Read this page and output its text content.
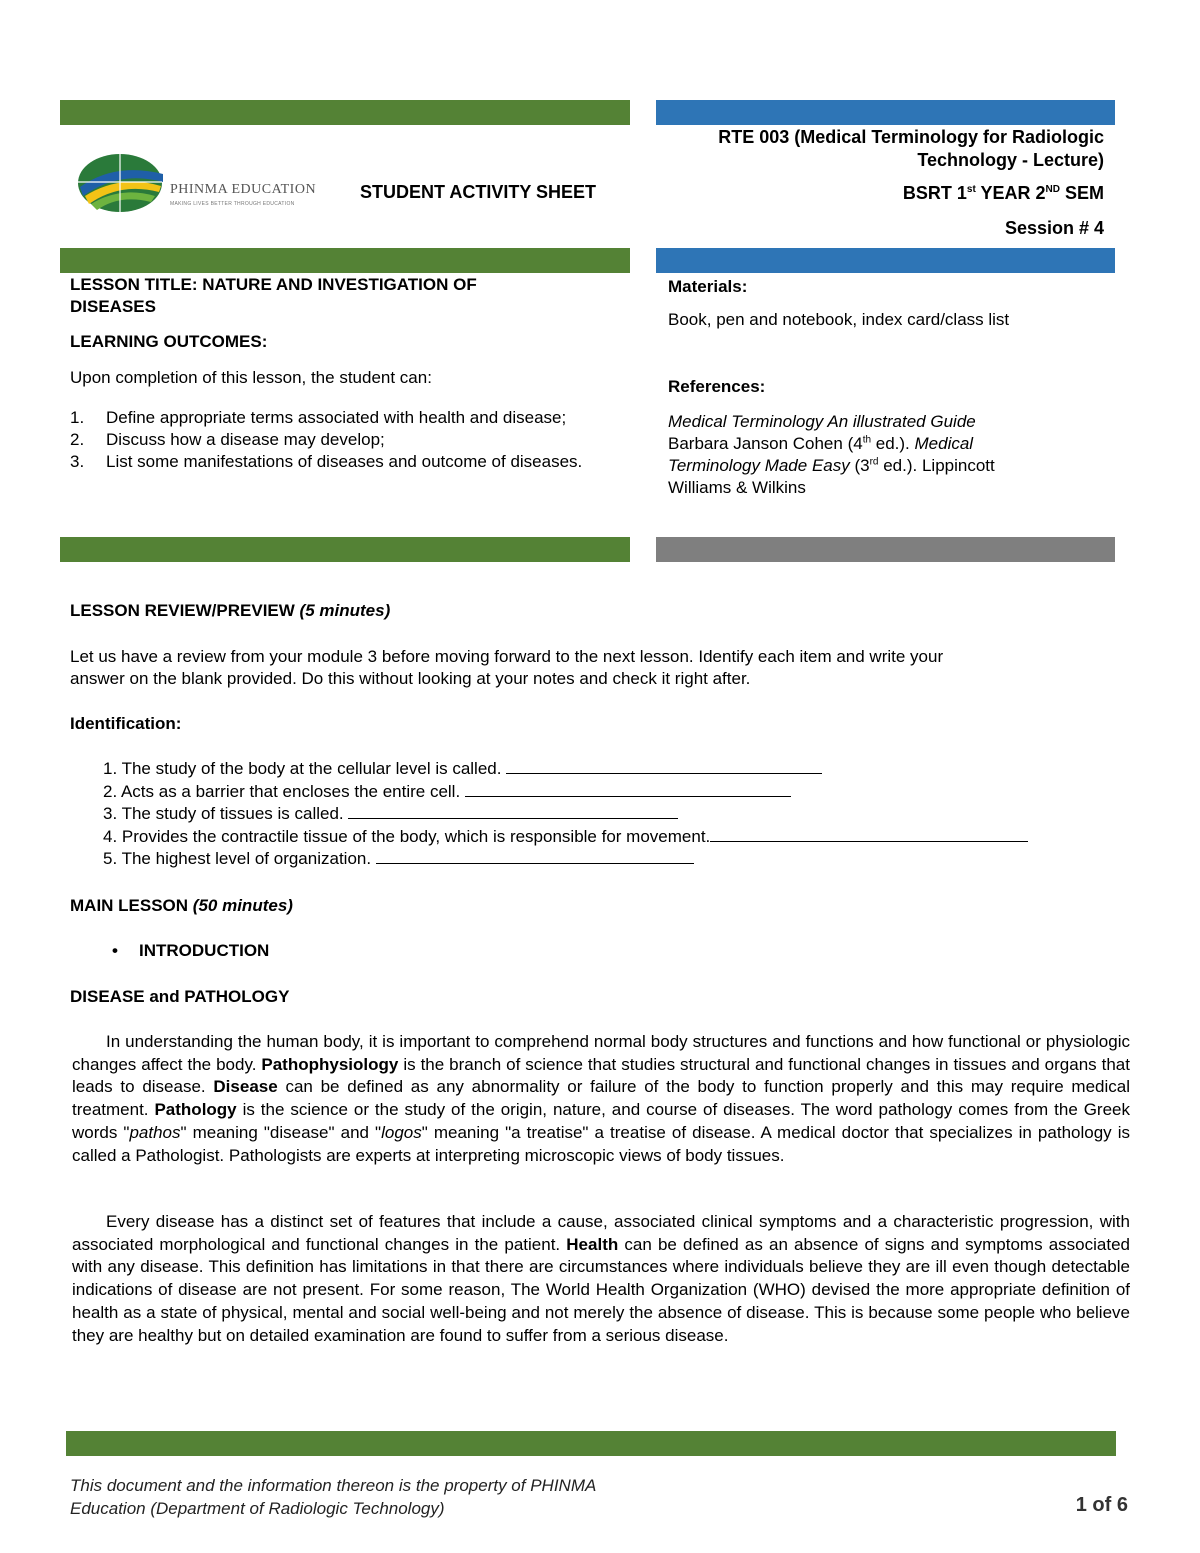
PHINMA EDUCATION
MAKING LIVES BETTER THROUGH EDUCATION
STUDENT ACTIVITY SHEET
RTE 003 (Medical Terminology for Radiologic
Technology - Lecture)
BSRT 1st YEAR 2ND SEM
Session # 4
LESSON TITLE: NATURE AND INVESTIGATION OF
DISEASES
LEARNING OUTCOMES:
Upon completion of this lesson, the student can:
1. Define appropriate terms associated with health and disease;
2. Discuss how a disease may develop;
3. List some manifestations of diseases and outcome of diseases.
Materials:
Book, pen and notebook, index card/class list
References:
Medical Terminology An illustrated Guide
Barbara Janson Cohen (4th ed.). Medical
Terminology Made Easy (3rd ed.). Lippincott
Williams & Wilkins
LESSON REVIEW/PREVIEW (5 minutes)
Let us have a review from your module 3 before moving forward to the next lesson. Identify each item and write your
answer on the blank provided. Do this without looking at your notes and check it right after.
Identification:
1. The study of the body at the cellular level is called.
2. Acts as a barrier that encloses the entire cell.
3. The study of tissues is called.
4. Provides the contractile tissue of the body, which is responsible for movement.
5. The highest level of organization.
MAIN LESSON (50 minutes)
• INTRODUCTION
DISEASE and PATHOLOGY
In understanding the human body, it is important to comprehend normal body structures and functions and how functional or physiologic changes affect the body. Pathophysiology is the branch of science that studies structural and functional changes in tissues and organs that leads to disease. Disease can be defined as any abnormality or failure of the body to function properly and this may require medical treatment. Pathology is the science or the study of the origin, nature, and course of diseases. The word pathology comes from the Greek words "pathos" meaning "disease" and "logos" meaning "a treatise" a treatise of disease. A medical doctor that specializes in pathology is called a Pathologist. Pathologists are experts at interpreting microscopic views of body tissues.
Every disease has a distinct set of features that include a cause, associated clinical symptoms and a characteristic progression, with associated morphological and functional changes in the patient. Health can be defined as an absence of signs and symptoms associated with any disease. This definition has limitations in that there are circumstances where individuals believe they are ill even though detectable indications of disease are not present. For some reason, The World Health Organization (WHO) devised the more appropriate definition of health as a state of physical, mental and social well-being and not merely the absence of disease. This is because some people who believe they are healthy but on detailed examination are found to suffer from a serious disease.
This document and the information thereon is the property of PHINMA
Education (Department of Radiologic Technology)	1 of 6
